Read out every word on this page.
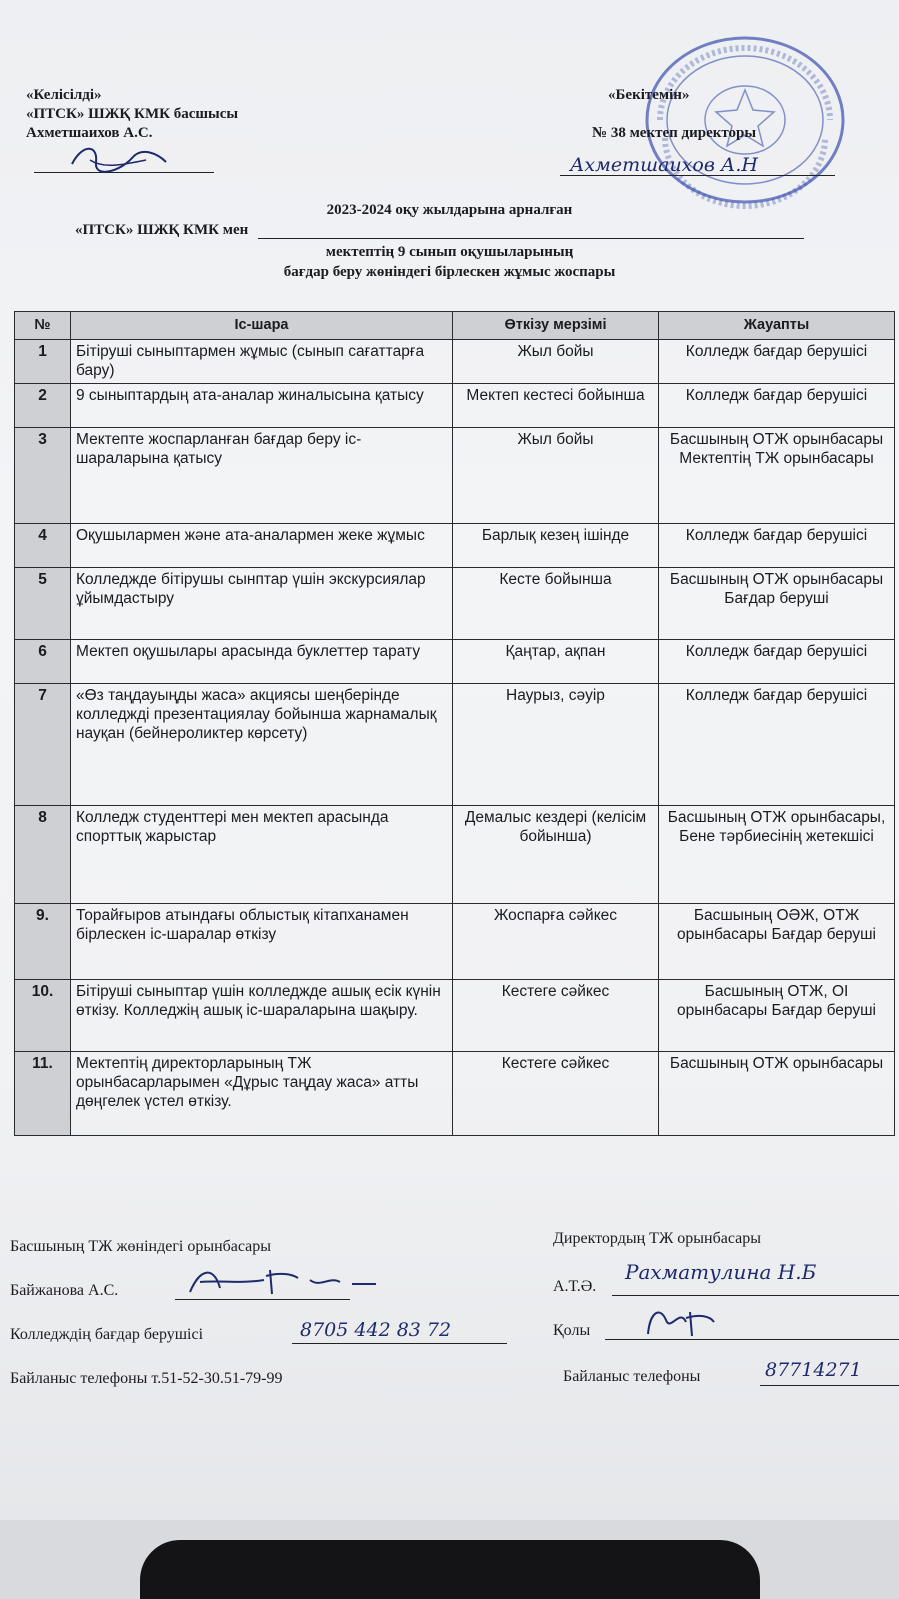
«Келісілді»
«ПТСК» ШЖҚ КМК басшысы
Ахметшаихов А.С.
«Бекітемін»
№ 38 мектеп директоры
Ахметшаихов А.Н
2023-2024 оқу жылдарына арналған
«ПТСК» ШЖҚ КМК мен
мектептің 9 сынып оқушыларының
бағдар беру жөніндегі бірлескен жұмыс жоспары
№	Іс-шара	Өткізу мерзімі	Жауапты
1	Бітіруші сыныптармен жұмыс (сынып сағаттарға бару)	Жыл бойы	Колледж бағдар берушісі
2	9 сыныптардың ата-аналар жиналысына қатысу	Мектеп кестесі бойынша	Колледж бағдар берушісі
3	Мектепте жоспарланған бағдар беру іс-шараларына қатысу	Жыл бойы	Басшының ОТЖ орынбасары Мектептің ТЖ орынбасары
4	Оқушылармен және ата-аналармен жеке жұмыс	Барлық кезең ішінде	Колледж бағдар берушісі
5	Колледжде бітірушы сынптар үшін экскурсиялар ұйымдастыру	Кесте бойынша	Басшының ОТЖ орынбасары Бағдар беруші
6	Мектеп оқушылары арасында буклеттер тарату	Қаңтар, ақпан	Колледж бағдар берушісі
7	«Өз таңдауыңды жаса» акциясы шеңберінде колледжді презентациялау бойынша жарнамалық науқан (бейнероликтер көрсету)	Наурыз, сәуір	Колледж бағдар берушісі
8	Колледж студенттері мен мектеп арасында спорттық жарыстар	Демалыс кездері (келісім бойынша)	Басшының ОТЖ орынбасары, Бене тәрбиесінің жетекшісі
9.	Торайғыров атындағы облыстық кітапханамен бірлескен іс-шаралар өткізу	Жоспарға сәйкес	Басшының ОӘЖ, ОТЖ орынбасары Бағдар беруші
10.	Бітіруші сыныптар үшін колледжде ашық есік күнін өткізу. Колледжің ашық іс-шараларына шақыру.	Кестеге сәйкес	Басшының ОТЖ, ОІ орынбасары Бағдар беруші
11.	Мектептің директорларының ТЖ орынбасарларымен «Дұрыс таңдау жаса» атты дөңгелек үстел өткізу.	Кестеге сәйкес	Басшының ОТЖ орынбасары
Басшының ТЖ жөніндегі орынбасары
Байжанова А.С.
Колледждің бағдар берушісі	8705 442 83 72
Байланыс телефоны т.51-52-30.51-79-99
Директордың ТЖ орынбасары
А.Т.Ә.
Рахматулина Н.Б
Қолы
Байланыс телефоны	87714271
